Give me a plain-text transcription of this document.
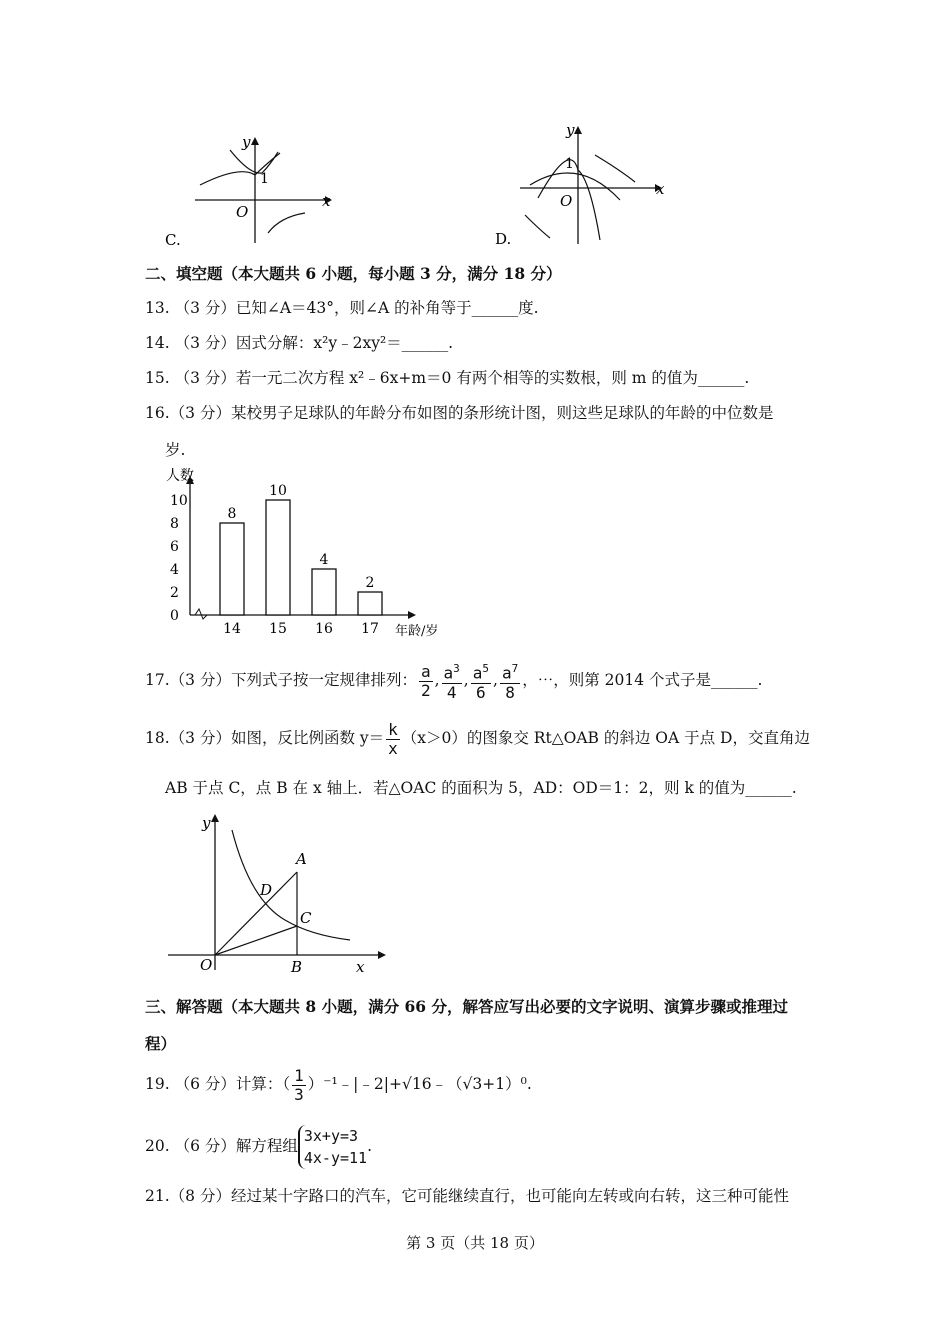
y
1
O
x
C.
y
1
O
x
D.
二、填空题（本大题共 6 小题，每小题 3 分，满分 18 分）
13. （3 分）已知∠A＝43°，则∠A 的补角等于______度.
14. （3 分）因式分解：x²y﹣2xy²＝______.
15. （3 分）若一元二次方程 x²﹣6x+m＝0 有两个相等的实数根，则 m 的值为______.
16.（3 分）某校男子足球队的年龄分布如图的条形统计图，则这些足球队的年龄的中位数是
岁.
人数
0
2
4
6
8
10
8
14
10
15
4
16
2
17 年龄/岁
17.（3 分）下列式子按一定规律排列： $\frac{a}{2}$ , $\frac{a^3}{4}$ , $\frac{a^5}{6}$ , $\frac{a^7}{8}$ ，⋯，则第 2014 个式子是______.
18.（3 分）如图，反比例函数 $y= \frac{k}{x} (x>0)$的图象交 Rt△OAB 的斜边 OA 于点 D，交直角边
AB 于点 C，点 B 在 x 轴上．若△OAC 的面积为 5，AD：OD＝1：2，则 k 的值为______.
y
A
D
C
O	B	x
三、解答题（本大题共 8 小题，满分 66 分，解答应写出必要的文字说明、演算步骤或推理过
程）
19. （6 分）计算：（ $\frac{1}{3}$ ）⁻¹﹣|﹣2|+√16﹣（√3+1）⁰.
20. （6 分）解方程组3x+y=3
4x-y=11.
21.（8 分）经过某十字路口的汽车，它可能继续直行，也可能向左转或向右转，这三种可能性
第 3 页（共 18 页）
